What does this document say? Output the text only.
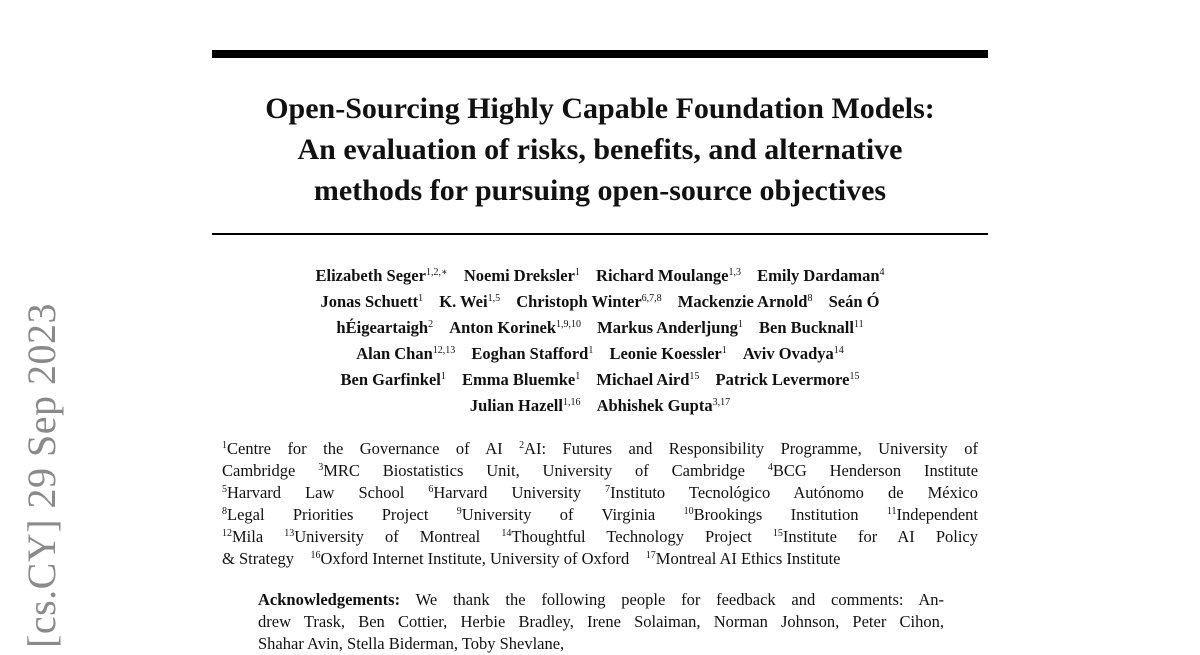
[cs.CY] 29 Sep 2023
Open-Sourcing Highly Capable Foundation Models:
An evaluation of risks, benefits, and alternative
methods for pursuing open-source objectives
Elizabeth Seger$^{1,2,∗}$ Noemi Dreksler$^1$ Richard Moulange$^{1,3}$ Emily Dardaman$^4$
Jonas Schuett$^1$ K. Wei$^{1,5}$ Christoph Winter$^{6,7,8}$ Mackenzie Arnold$^8$ Seán Ó
hÉigeartaigh$^2$ Anton Korinek$^{1,9,10}$ Markus Anderljung$^1$ Ben Bucknall$^{11}$
Alan Chan$^{12,13}$ Eoghan Stafford$^1$ Leonie Koessler$^1$ Aviv Ovadya$^{14}$
Ben Garfinkel$^1$ Emma Bluemke$^1$ Michael Aird$^{15}$ Patrick Levermore$^{15}$
Julian Hazell$^{1,16}$ Abhishek Gupta$^{3,17}$
$^1$Centre for the Governance of AI $^2$AI: Futures and Responsibility Programme, University of
Cambridge $^3$MRC Biostatistics Unit, University of Cambridge $^4$BCG Henderson Institute
$^5$Harvard Law School $^6$Harvard University $^7$Instituto Tecnológico Autónomo de México
$^8$Legal Priorities Project	$^9$University of Virginia	$^{10}$Brookings Institution	$^{11}$Independent
$^{12}$Mila $^{13}$University of Montreal $^{14}$Thoughtful Technology Project $^{15}$Institute for AI Policy
& Strategy $^{16}$Oxford Internet Institute, University of Oxford $^{17}$Montreal AI Ethics Institute
Acknowledgements: We thank the following people for feedback and comments: An-
drew Trask, Ben Cottier, Herbie Bradley, Irene Solaiman, Norman Johnson, Peter Cihon,
Shahar Avin, Stella Biderman, Toby Shevlane,
